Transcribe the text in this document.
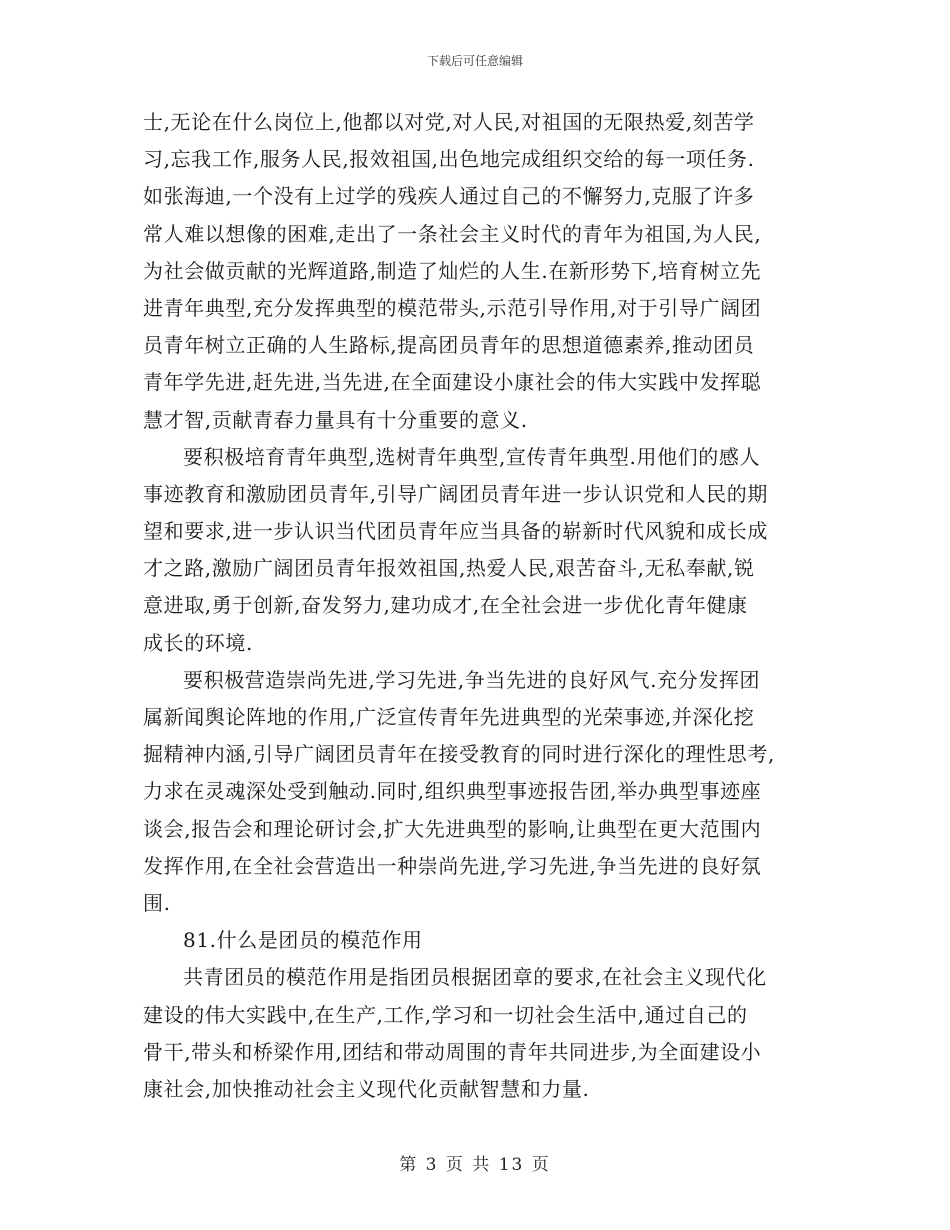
下载后可任意编辑
士,无论在什么岗位上,他都以对党,对人民,对祖国的无限热爱,刻苦学
习,忘我工作,服务人民,报效祖国,出色地完成组织交给的每一项任务.
如张海迪,一个没有上过学的残疾人通过自己的不懈努力,克服了许多
常人难以想像的困难,走出了一条社会主义时代的青年为祖国,为人民,
为社会做贡献的光辉道路,制造了灿烂的人生.在新形势下,培育树立先
进青年典型,充分发挥典型的模范带头,示范引导作用,对于引导广阔团
员青年树立正确的人生路标,提高团员青年的思想道德素养,推动团员
青年学先进,赶先进,当先进,在全面建设小康社会的伟大实践中发挥聪
慧才智,贡献青春力量具有十分重要的意义.
要积极培育青年典型,选树青年典型,宣传青年典型.用他们的感人
事迹教育和激励团员青年,引导广阔团员青年进一步认识党和人民的期
望和要求,进一步认识当代团员青年应当具备的崭新时代风貌和成长成
才之路,激励广阔团员青年报效祖国,热爱人民,艰苦奋斗,无私奉献,锐
意进取,勇于创新,奋发努力,建功成才,在全社会进一步优化青年健康
成长的环境.
要积极营造崇尚先进,学习先进,争当先进的良好风气.充分发挥团
属新闻舆论阵地的作用,广泛宣传青年先进典型的光荣事迹,并深化挖
掘精神内涵,引导广阔团员青年在接受教育的同时进行深化的理性思考,
力求在灵魂深处受到触动.同时,组织典型事迹报告团,举办典型事迹座
谈会,报告会和理论研讨会,扩大先进典型的影响,让典型在更大范围内
发挥作用,在全社会营造出一种崇尚先进,学习先进,争当先进的良好氛
围.
81.什么是团员的模范作用
共青团员的模范作用是指团员根据团章的要求,在社会主义现代化
建设的伟大实践中,在生产,工作,学习和一切社会生活中,通过自己的
骨干,带头和桥梁作用,团结和带动周围的青年共同进步,为全面建设小
康社会,加快推动社会主义现代化贡献智慧和力量.
第 3 页 共 13 页
